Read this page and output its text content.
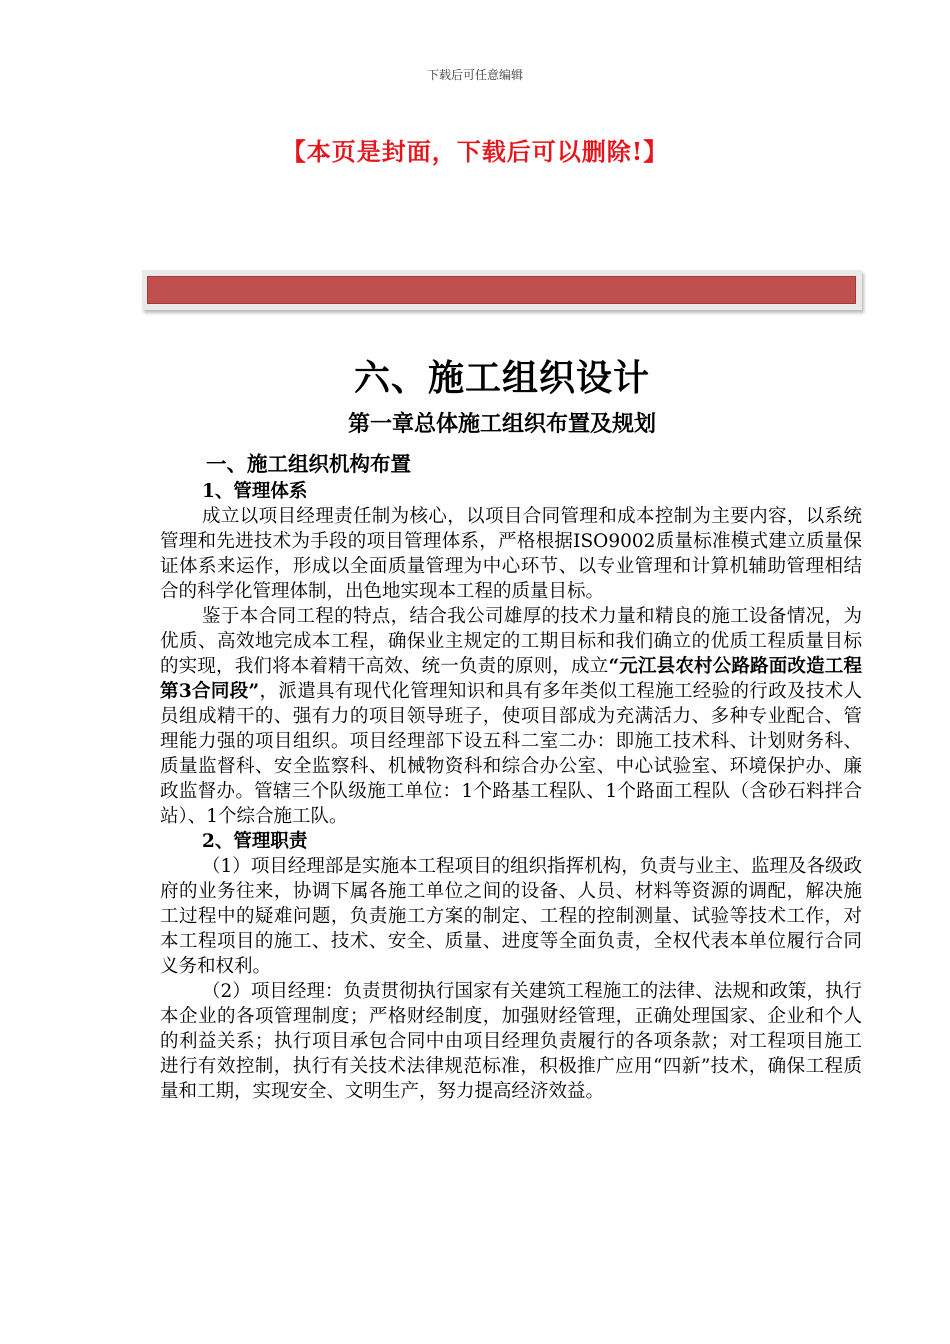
下载后可任意编辑
【本页是封面，下载后可以删除!】
六、施工组织设计
第一章总体施工组织布置及规划

一、施工组织机构布置

1、管理体系

成立以项目经理责任制为核心，以项目合同管理和成本控制为主要内容，以系统管理和先进技术为手段的项目管理体系，严格根据ISO9002质量标准模式建立质量保证体系来运作，形成以全面质量管理为中心环节、以专业管理和计算机辅助管理相结合的科学化管理体制，出色地实现本工程的质量目标。

鉴于本合同工程的特点，结合我公司雄厚的技术力量和精良的施工设备情况，为优质、高效地完成本工程，确保业主规定的工期目标和我们确立的优质工程质量目标的实现，我们将本着精干高效、统一负责的原则，成立“元江县农村公路路面改造工程第3合同段”，派遣具有现代化管理知识和具有多年类似工程施工经验的行政及技术人员组成精干的、强有力的项目领导班子，使项目部成为充满活力、多种专业配合、管理能力强的项目组织。项目经理部下设五科二室二办：即施工技术科、计划财务科、质量监督科、安全监察科、机械物资科和综合办公室、中心试验室、环境保护办、廉政监督办。管辖三个队级施工单位：1个路基工程队、1个路面工程队（含砂石料拌合站）、1个综合施工队。

2、管理职责

（1）项目经理部是实施本工程项目的组织指挥机构，负责与业主、监理及各级政府的业务往来，协调下属各施工单位之间的设备、人员、材料等资源的调配，解决施工过程中的疑难问题，负责施工方案的制定、工程的控制测量、试验等技术工作，对本工程项目的施工、技术、安全、质量、进度等全面负责，全权代表本单位履行合同义务和权利。

（2）项目经理：负责贯彻执行国家有关建筑工程施工的法律、法规和政策，执行本企业的各项管理制度；严格财经制度，加强财经管理，正确处理国家、企业和个人的利益关系；执行项目承包合同中由项目经理负责履行的各项条款；对工程项目施工进行有效控制，执行有关技术法律规范标准，积极推广应用“四新”技术，确保工程质量和工期，实现安全、文明生产，努力提高经济效益。
